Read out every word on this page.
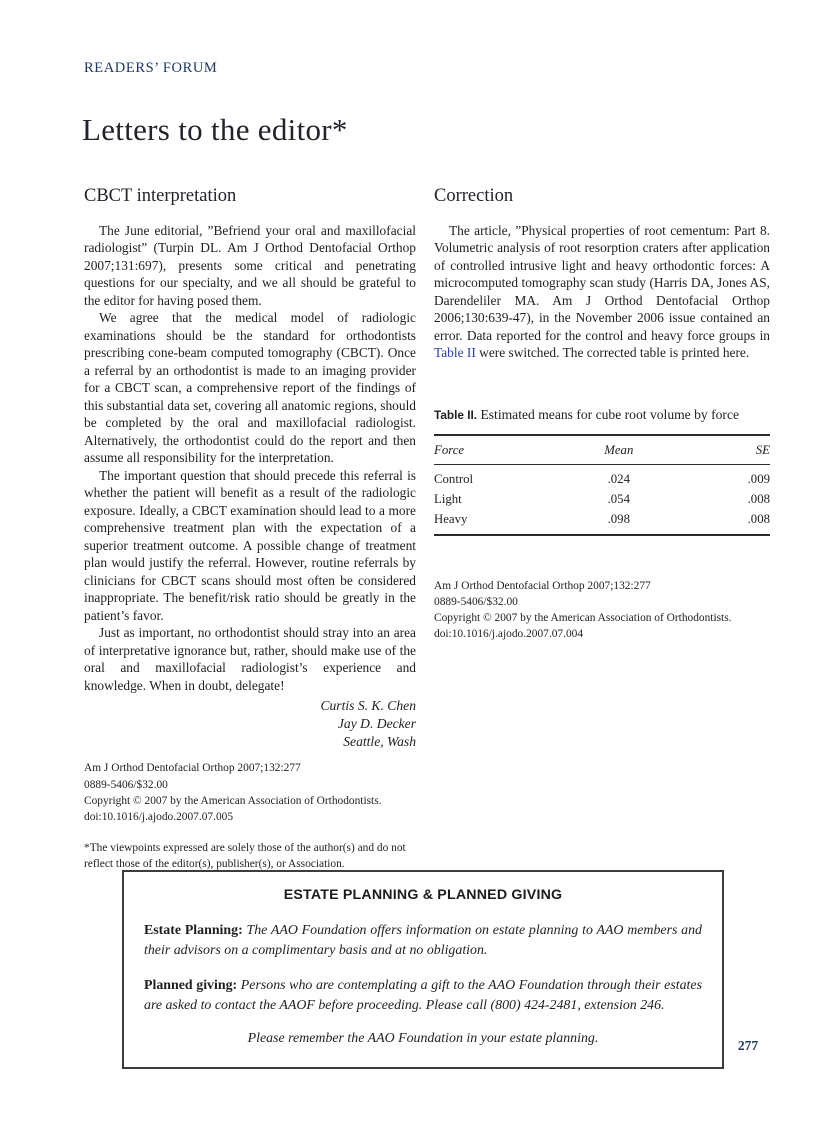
READERS’ FORUM
Letters to the editor*
CBCT interpretation

The June editorial, ”Befriend your oral and maxillofacial radiologist” (Turpin DL. Am J Orthod Dentofacial Orthop 2007;131:697), presents some critical and penetrating questions for our specialty, and we all should be grateful to the editor for having posed them.

We agree that the medical model of radiologic examinations should be the standard for orthodontists prescribing cone-beam computed tomography (CBCT). Once a referral by an orthodontist is made to an imaging provider for a CBCT scan, a comprehensive report of the findings of this substantial data set, covering all anatomic regions, should be completed by the oral and maxillofacial radiologist. Alternatively, the orthodontist could do the report and then assume all responsibility for the interpretation.

The important question that should precede this referral is whether the patient will benefit as a result of the radiologic exposure. Ideally, a CBCT examination should lead to a more comprehensive treatment plan with the expectation of a superior treatment outcome. A possible change of treatment plan would justify the referral. However, routine referrals by clinicians for CBCT scans should most often be considered inappropriate. The benefit/risk ratio should be greatly in the patient’s favor.

Just as important, no orthodontist should stray into an area of interpretative ignorance but, rather, should make use of the oral and maxillofacial radiologist’s experience and knowledge. When in doubt, delegate!

Curtis S. K. Chen
Jay D. Decker
Seattle, Wash
Am J Orthod Dentofacial Orthop 2007;132:277
0889-5406/$32.00
Copyright © 2007 by the American Association of Orthodontists.
doi:10.1016/j.ajodo.2007.07.005
*The viewpoints expressed are solely those of the author(s) and do not reflect those of the editor(s), publisher(s), or Association.
Correction

The article, ”Physical properties of root cementum: Part 8. Volumetric analysis of root resorption craters after application of controlled intrusive light and heavy orthodontic forces: A microcomputed tomography scan study (Harris DA, Jones AS, Darendeliler MA. Am J Orthod Dentofacial Orthop 2006;130:639-47), in the November 2006 issue contained an error. Data reported for the control and heavy force groups in Table II were switched. The corrected table is printed here.

Table II. Estimated means for cube root volume by force

Force	Mean	SE
Control	.024	.009
Light	.054	.008
Heavy	.098	.008
Am J Orthod Dentofacial Orthop 2007;132:277
0889-5406/$32.00
Copyright © 2007 by the American Association of Orthodontists.
doi:10.1016/j.ajodo.2007.07.004
ESTATE PLANNING & PLANNED GIVING

Estate Planning: The AAO Foundation offers information on estate planning to AAO members and their advisors on a complimentary basis and at no obligation.

Planned giving: Persons who are contemplating a gift to the AAO Foundation through their estates are asked to contact the AAOF before proceeding. Please call (800) 424-2481, extension 246.

Please remember the AAO Foundation in your estate planning.	277
